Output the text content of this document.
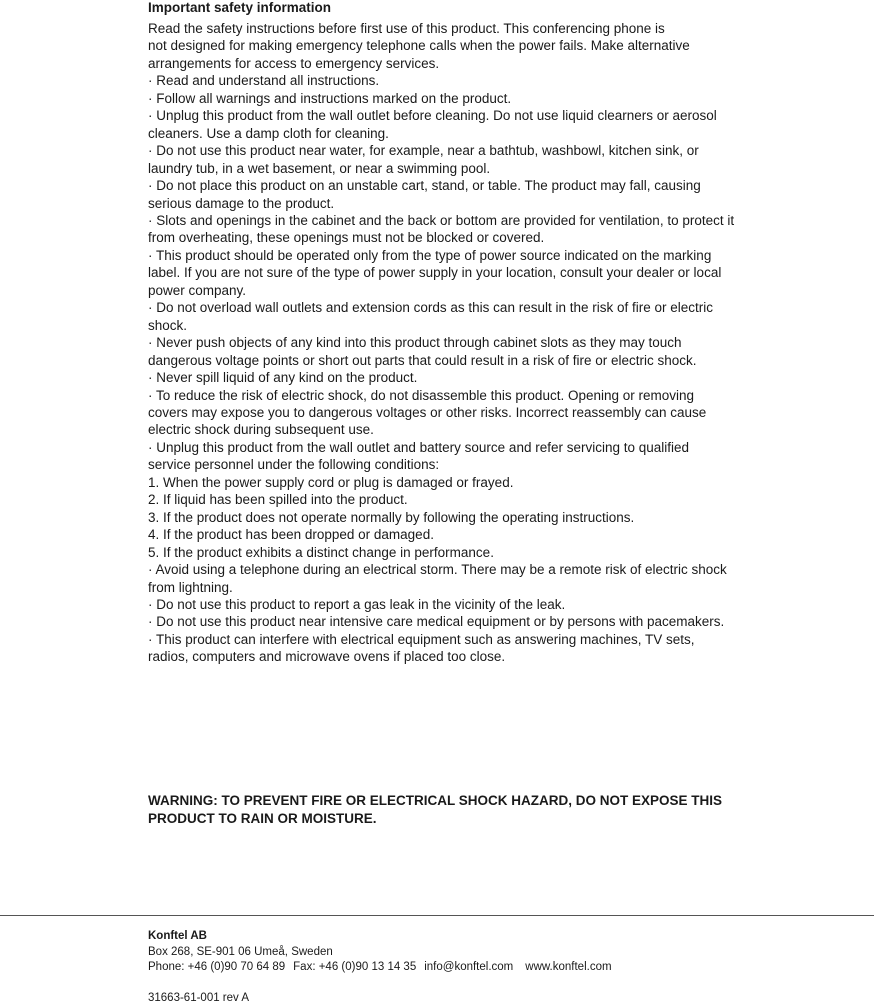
Important safety information
Read the safety instructions before first use of this product. This conferencing phone is
not designed for making emergency telephone calls when the power fails. Make alternative
arrangements for access to emergency services.
· Read and understand all instructions.
· Follow all warnings and instructions marked on the product.
· Unplug this product from the wall outlet before cleaning. Do not use liquid clearners or aerosol
cleaners. Use a damp cloth for cleaning.
· Do not use this product near water, for example, near a bathtub, washbowl, kitchen sink, or
laundry tub, in a wet basement, or near a swimming pool.
· Do not place this product on an unstable cart, stand, or table. The product may fall, causing
serious damage to the product.
· Slots and openings in the cabinet and the back or bottom are provided for ventilation, to protect it
from overheating, these openings must not be blocked or covered.
· This product should be operated only from the type of power source indicated on the marking
label. If you are not sure of the type of power supply in your location, consult your dealer or local
power company.
· Do not overload wall outlets and extension cords as this can result in the risk of fire or electric
shock.
· Never push objects of any kind into this product through cabinet slots as they may touch
dangerous voltage points or short out parts that could result in a risk of fire or electric shock.
· Never spill liquid of any kind on the product.
· To reduce the risk of electric shock, do not disassemble this product. Opening or removing
covers may expose you to dangerous voltages or other risks. Incorrect reassembly can cause
electric shock during subsequent use.
· Unplug this product from the wall outlet and battery source and refer servicing to qualified
service personnel under the following conditions:
1. When the power supply cord or plug is damaged or frayed.
2. If liquid has been spilled into the product.
3. If the product does not operate normally by following the operating instructions.
4. If the product has been dropped or damaged.
5. If the product exhibits a distinct change in performance.
· Avoid using a telephone during an electrical storm. There may be a remote risk of electric shock
from lightning.
· Do not use this product to report a gas leak in the vicinity of the leak.
· Do not use this product near intensive care medical equipment or by persons with pacemakers.
· This product can interfere with electrical equipment such as answering machines, TV sets,
radios, computers and microwave ovens if placed too close.
WARNING: TO PREVENT FIRE OR ELECTRICAL SHOCK HAZARD, DO NOT EXPOSE THIS
PRODUCT TO RAIN OR MOISTURE.
Konftel AB
Box 268, SE-901 06 Umeå, Sweden
Phone: +46 (0)90 70 64 89 Fax: +46 (0)90 13 14 35 info@konftel.com www.konftel.com
31663-61-001 rev A
